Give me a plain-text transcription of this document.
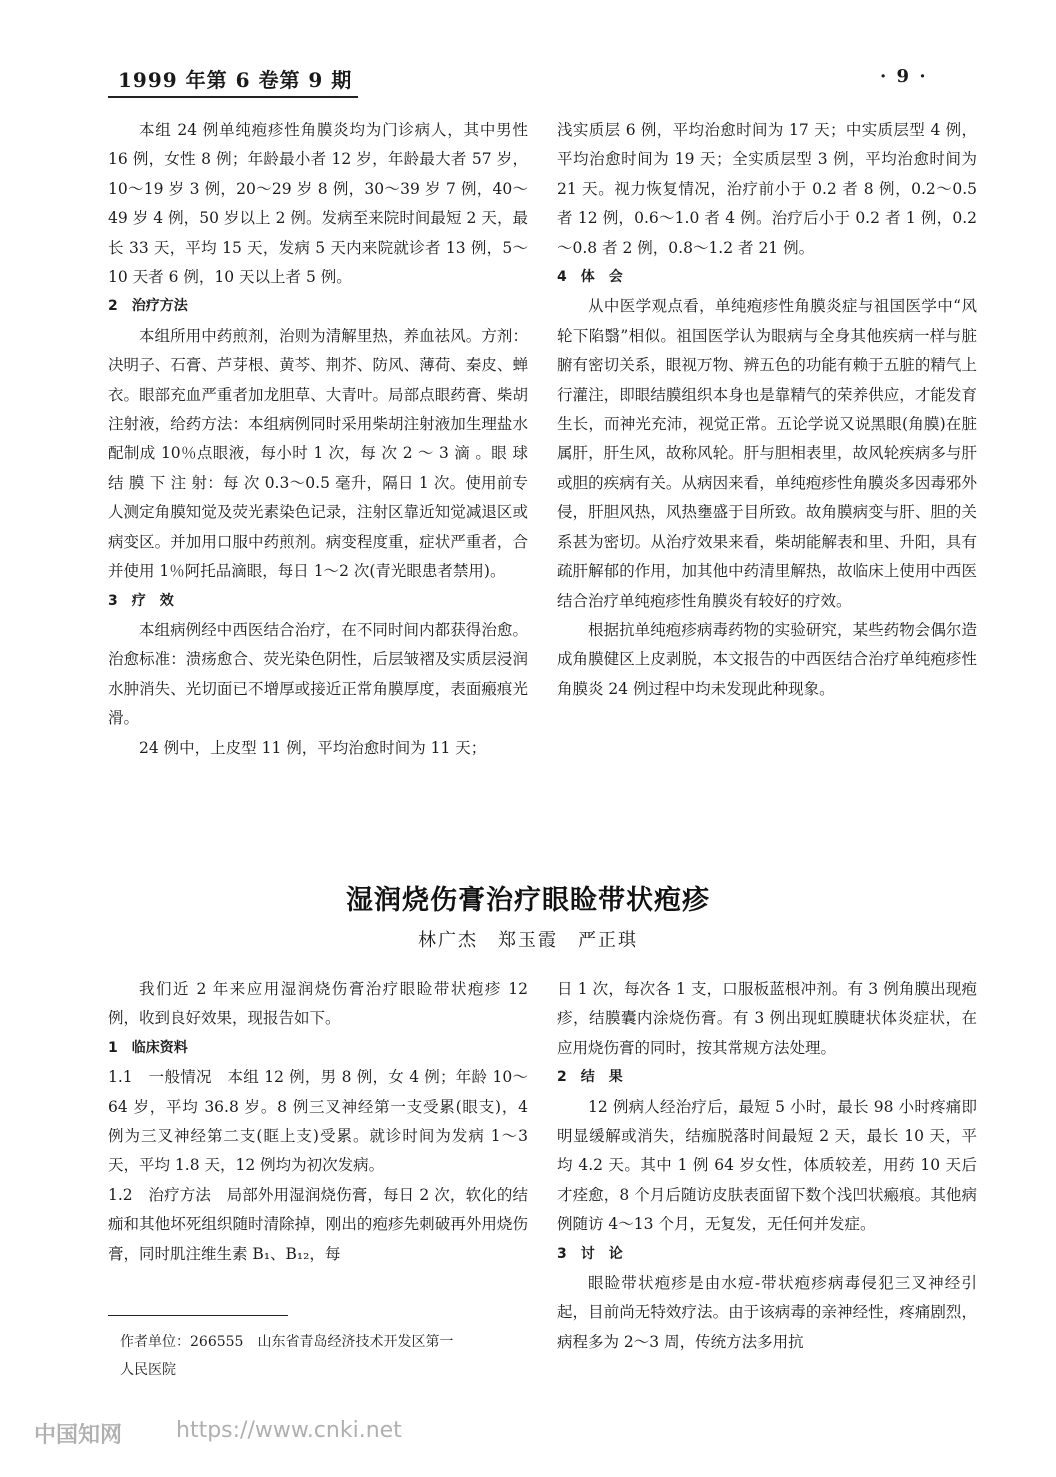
1999 年第 6 卷第 9 期	· 9 ·

本组 24 例单纯疱疹性角膜炎均为门诊病人，其中男性 16 例，女性 8 例；年龄最小者 12 岁，年龄最大者 57 岁，10～19 岁 3 例，20～29 岁 8 例，30～39 岁 7 例，40～49 岁 4 例，50 岁以上 2 例。发病至来院时间最短 2 天，最长 33 天，平均 15 天，发病 5 天内来院就诊者 13 例，5～10 天者 6 例，10 天以上者 5 例。

2　治疗方法

本组所用中药煎剂，治则为清解里热，养血祛风。方剂：决明子、石膏、芦芽根、黄芩、荆芥、防风、薄荷、秦皮、蝉衣。眼部充血严重者加龙胆草、大青叶。局部点眼药膏、柴胡注射液，给药方法：本组病例同时采用柴胡注射液加生理盐水配制成 10％点眼液，每小时 1 次，每 次 2 ～ 3 滴 。眼 球 结 膜 下 注 射：每 次 0.3～0.5 毫升，隔日 1 次。使用前专人测定角膜知觉及荧光素染色记录，注射区靠近知觉减退区或病变区。并加用口服中药煎剂。病变程度重，症状严重者，合并使用 1％阿托品滴眼，每日 1～2 次(青光眼患者禁用)。

3　疗　效

本组病例经中西医结合治疗，在不同时间内都获得治愈。治愈标准：溃疡愈合、荧光染色阴性，后层皱褶及实质层浸润水肿消失、光切面已不增厚或接近正常角膜厚度，表面瘢痕光滑。

24 例中，上皮型 11 例，平均治愈时间为 11 天；

浅实质层 6 例，平均治愈时间为 17 天；中实质层型 4 例，平均治愈时间为 19 天；全实质层型 3 例，平均治愈时间为 21 天。视力恢复情况，治疗前小于 0.2 者 8 例，0.2～0.5 者 12 例，0.6～1.0 者 4 例。治疗后小于 0.2 者 1 例，0.2～0.8 者 2 例，0.8～1.2 者 21 例。

4　体　会

从中医学观点看，单纯疱疹性角膜炎症与祖国医学中“风轮下陷翳”相似。祖国医学认为眼病与全身其他疾病一样与脏腑有密切关系，眼视万物、辨五色的功能有赖于五脏的精气上行灌注，即眼结膜组织本身也是靠精气的荣养供应，才能发育生长，而神光充沛，视觉正常。五论学说又说黑眼(角膜)在脏属肝，肝生风，故称风轮。肝与胆相表里，故风轮疾病多与肝或胆的疾病有关。从病因来看，单纯疱疹性角膜炎多因毒邪外侵，肝胆风热，风热壅盛于目所致。故角膜病变与肝、胆的关系甚为密切。从治疗效果来看，柴胡能解表和里、升阳，具有疏肝解郁的作用，加其他中药清里解热，故临床上使用中西医结合治疗单纯疱疹性角膜炎有较好的疗效。

根据抗单纯疱疹病毒药物的实验研究，某些药物会偶尔造成角膜健区上皮剥脱，本文报告的中西医结合治疗单纯疱疹性角膜炎 24 例过程中均未发现此种现象。

湿润烧伤膏治疗眼睑带状疱疹
林广杰　郑玉霞　严正琪

我们近 2 年来应用湿润烧伤膏治疗眼睑带状疱疹 12 例，收到良好效果，现报告如下。

1　临床资料

1.1　一般情况　本组 12 例，男 8 例，女 4 例；年龄 10～64 岁，平均 36.8 岁。8 例三叉神经第一支受累(眼支)，4 例为三叉神经第二支(眶上支)受累。就诊时间为发病 1～3 天，平均 1.8 天，12 例均为初次发病。

1.2　治疗方法　局部外用湿润烧伤膏，每日 2 次，软化的结痂和其他坏死组织随时清除掉，刚出的疱疹先刺破再外用烧伤膏，同时肌注维生素 B₁、B₁₂，每

日 1 次，每次各 1 支，口服板蓝根冲剂。有 3 例角膜出现疱疹，结膜囊内涂烧伤膏。有 3 例出现虹膜睫状体炎症状，在应用烧伤膏的同时，按其常规方法处理。

2　结　果

12 例病人经治疗后，最短 5 小时，最长 98 小时疼痛即明显缓解或消失，结痂脱落时间最短 2 天，最长 10 天，平均 4.2 天。其中 1 例 64 岁女性，体质较差，用药 10 天后才痊愈，8 个月后随访皮肤表面留下数个浅凹状瘢痕。其他病例随访 4～13 个月，无复发，无任何并发症。

3　讨　论

眼睑带状疱疹是由水痘-带状疱疹病毒侵犯三叉神经引起，目前尚无特效疗法。由于该病毒的亲神经性，疼痛剧烈，病程多为 2～3 周，传统方法多用抗

作者单位：266555　山东省青岛经济技术开发区第一

人民医院

中国知网 https://www.cnki.net
